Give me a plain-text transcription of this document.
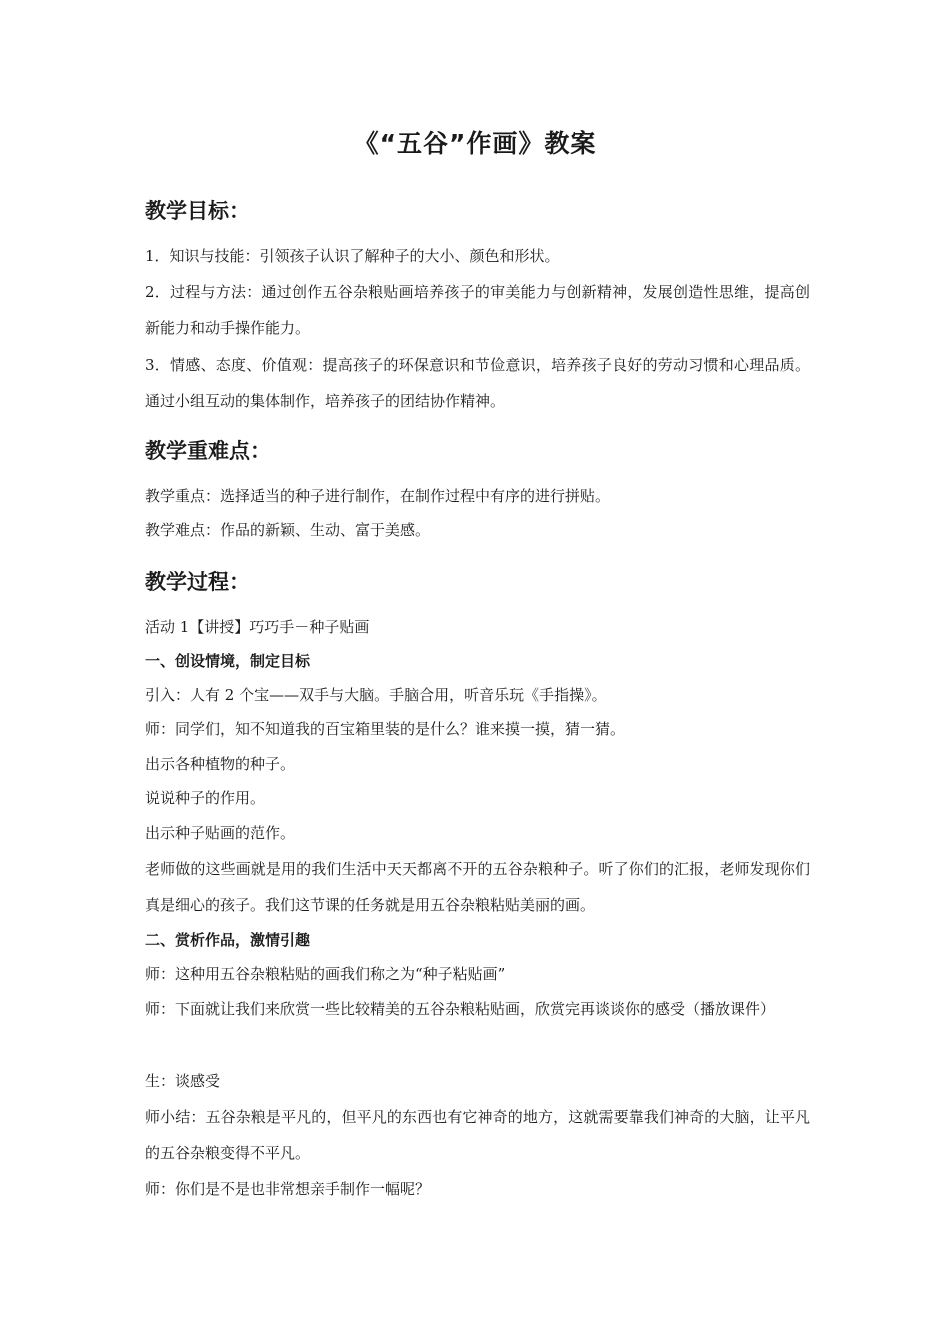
《“五谷”作画》教案
教学目标：
1．知识与技能：引领孩子认识了解种子的大小、颜色和形状。
2．过程与方法：通过创作五谷杂粮贴画培养孩子的审美能力与创新精神，发展创造性思维，提高创新能力和动手操作能力。
3．情感、态度、价值观：提高孩子的环保意识和节俭意识，培养孩子良好的劳动习惯和心理品质。通过小组互动的集体制作，培养孩子的团结协作精神。
教学重难点：
教学重点：选择适当的种子进行制作，在制作过程中有序的进行拼贴。
教学难点：作品的新颖、生动、富于美感。
教学过程：
活动 1【讲授】巧巧手－种子贴画
一、创设情境，制定目标
引入：人有 2 个宝——双手与大脑。手脑合用，听音乐玩《手指操》。
师：同学们，知不知道我的百宝箱里装的是什么？谁来摸一摸，猜一猜。
出示各种植物的种子。
说说种子的作用。
出示种子贴画的范作。
老师做的这些画就是用的我们生活中天天都离不开的五谷杂粮种子。听了你们的汇报，老师发现你们真是细心的孩子。我们这节课的任务就是用五谷杂粮粘贴美丽的画。
二、赏析作品，激情引趣
师：这种用五谷杂粮粘贴的画我们称之为“种子粘贴画”
师：下面就让我们来欣赏一些比较精美的五谷杂粮粘贴画，欣赏完再谈谈你的感受（播放课件）
生：谈感受
师小结：五谷杂粮是平凡的，但平凡的东西也有它神奇的地方，这就需要靠我们神奇的大脑，让平凡的五谷杂粮变得不平凡。
师：你们是不是也非常想亲手制作一幅呢？
